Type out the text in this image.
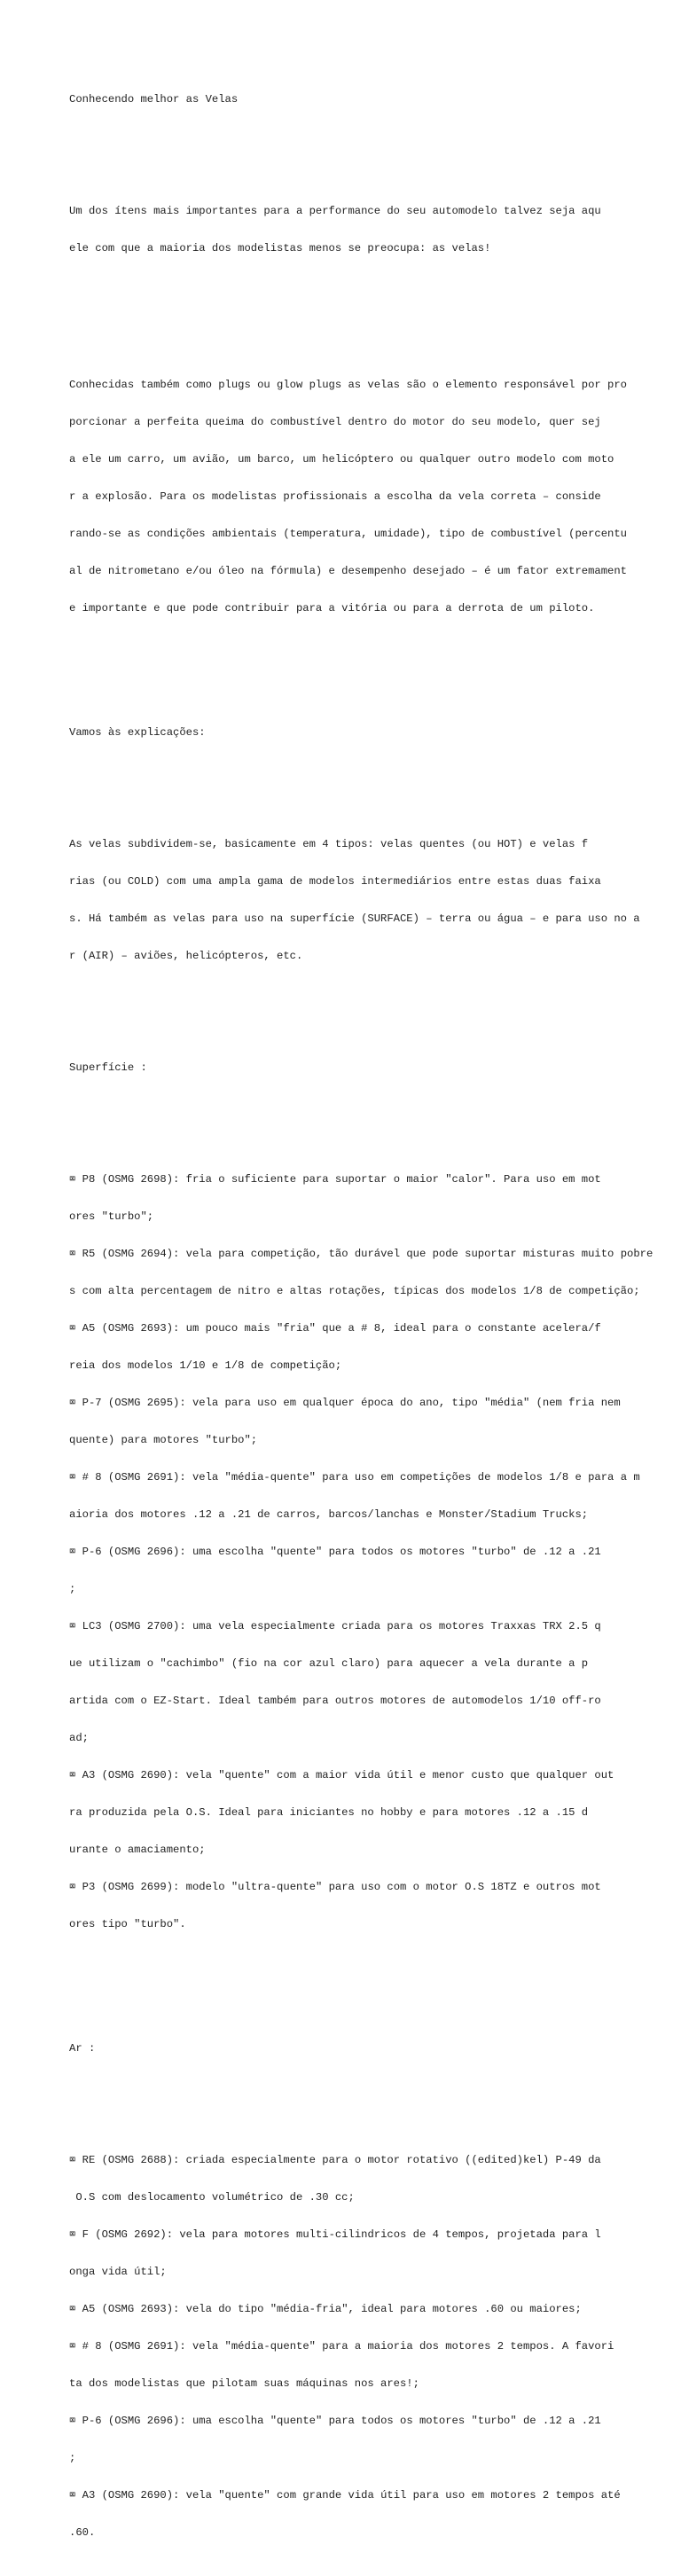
Conhecendo melhor as Velas

Um dos ítens mais importantes para a performance do seu automodelo talvez seja aqu

ele com que a maioria dos modelistas menos se preocupa: as velas!

Conhecidas também como plugs ou glow plugs as velas são o elemento responsável por pro

porcionar a perfeita queima do combustível dentro do motor do seu modelo, quer sej

a ele um carro, um avião, um barco, um helicóptero ou qualquer outro modelo com moto

r a explosão. Para os modelistas profissionais a escolha da vela correta – conside

rando-se as condições ambientais (temperatura, umidade), tipo de combustível (percentu

al de nitrometano e/ou óleo na fórmula) e desempenho desejado – é um fator extremament

e importante e que pode contribuir para a vitória ou para a derrota de um piloto.

Vamos às explicações:

As velas subdividem-se, basicamente em 4 tipos: velas quentes (ou HOT) e velas f

rias (ou COLD) com uma ampla gama de modelos intermediários entre estas duas faixa

s. Há também as velas para uso na superfície (SURFACE) – terra ou água – e para uso no a

r (AIR) – aviões, helicópteros, etc.

Superfície :

⌧ P8 (OSMG 2698): fria o suficiente para suportar o maior "calor". Para uso em mot

ores "turbo";

⌧ R5 (OSMG 2694): vela para competição, tão durável que pode suportar misturas muito pobre

s com alta percentagem de nitro e altas rotações, típicas dos modelos 1/8 de competição;

⌧ A5 (OSMG 2693): um pouco mais "fria" que a # 8, ideal para o constante acelera/f

reia dos modelos 1/10 e 1/8 de competição;

⌧ P-7 (OSMG 2695): vela para uso em qualquer época do ano, tipo "média" (nem fria nem

quente) para motores "turbo";

⌧ # 8 (OSMG 2691): vela "média-quente" para uso em competições de modelos 1/8 e para a m

aioria dos motores .12 a .21 de carros, barcos/lanchas e Monster/Stadium Trucks;

⌧ P-6 (OSMG 2696): uma escolha "quente" para todos os motores "turbo" de .12 a .21

;

⌧ LC3 (OSMG 2700): uma vela especialmente criada para os motores Traxxas TRX 2.5 q

ue utilizam o "cachimbo" (fio na cor azul claro) para aquecer a vela durante a p

artida com o EZ-Start. Ideal também para outros motores de automodelos 1/10 off-ro

ad;

⌧ A3 (OSMG 2690): vela "quente" com a maior vida útil e menor custo que qualquer out

ra produzida pela O.S. Ideal para iniciantes no hobby e para motores .12 a .15 d

urante o amaciamento;

⌧ P3 (OSMG 2699): modelo "ultra-quente" para uso com o motor O.S 18TZ e outros mot

ores tipo "turbo".

Ar :

⌧ RE (OSMG 2688): criada especialmente para o motor rotativo ((edited)kel) P-49 da

O.S com deslocamento volumétrico de .30 cc;

⌧ F (OSMG 2692): vela para motores multi-cilindricos de 4 tempos, projetada para l

onga vida útil;

⌧ A5 (OSMG 2693): vela do tipo "média-fria", ideal para motores .60 ou maiores;

⌧ # 8 (OSMG 2691): vela "média-quente" para a maioria dos motores 2 tempos. A favori

ta dos modelistas que pilotam suas máquinas nos ares!;

⌧ P-6 (OSMG 2696): uma escolha "quente" para todos os motores "turbo" de .12 a .21

;

⌧ A3 (OSMG 2690): vela "quente" com grande vida útil para uso em motores 2 tempos até

.60.
